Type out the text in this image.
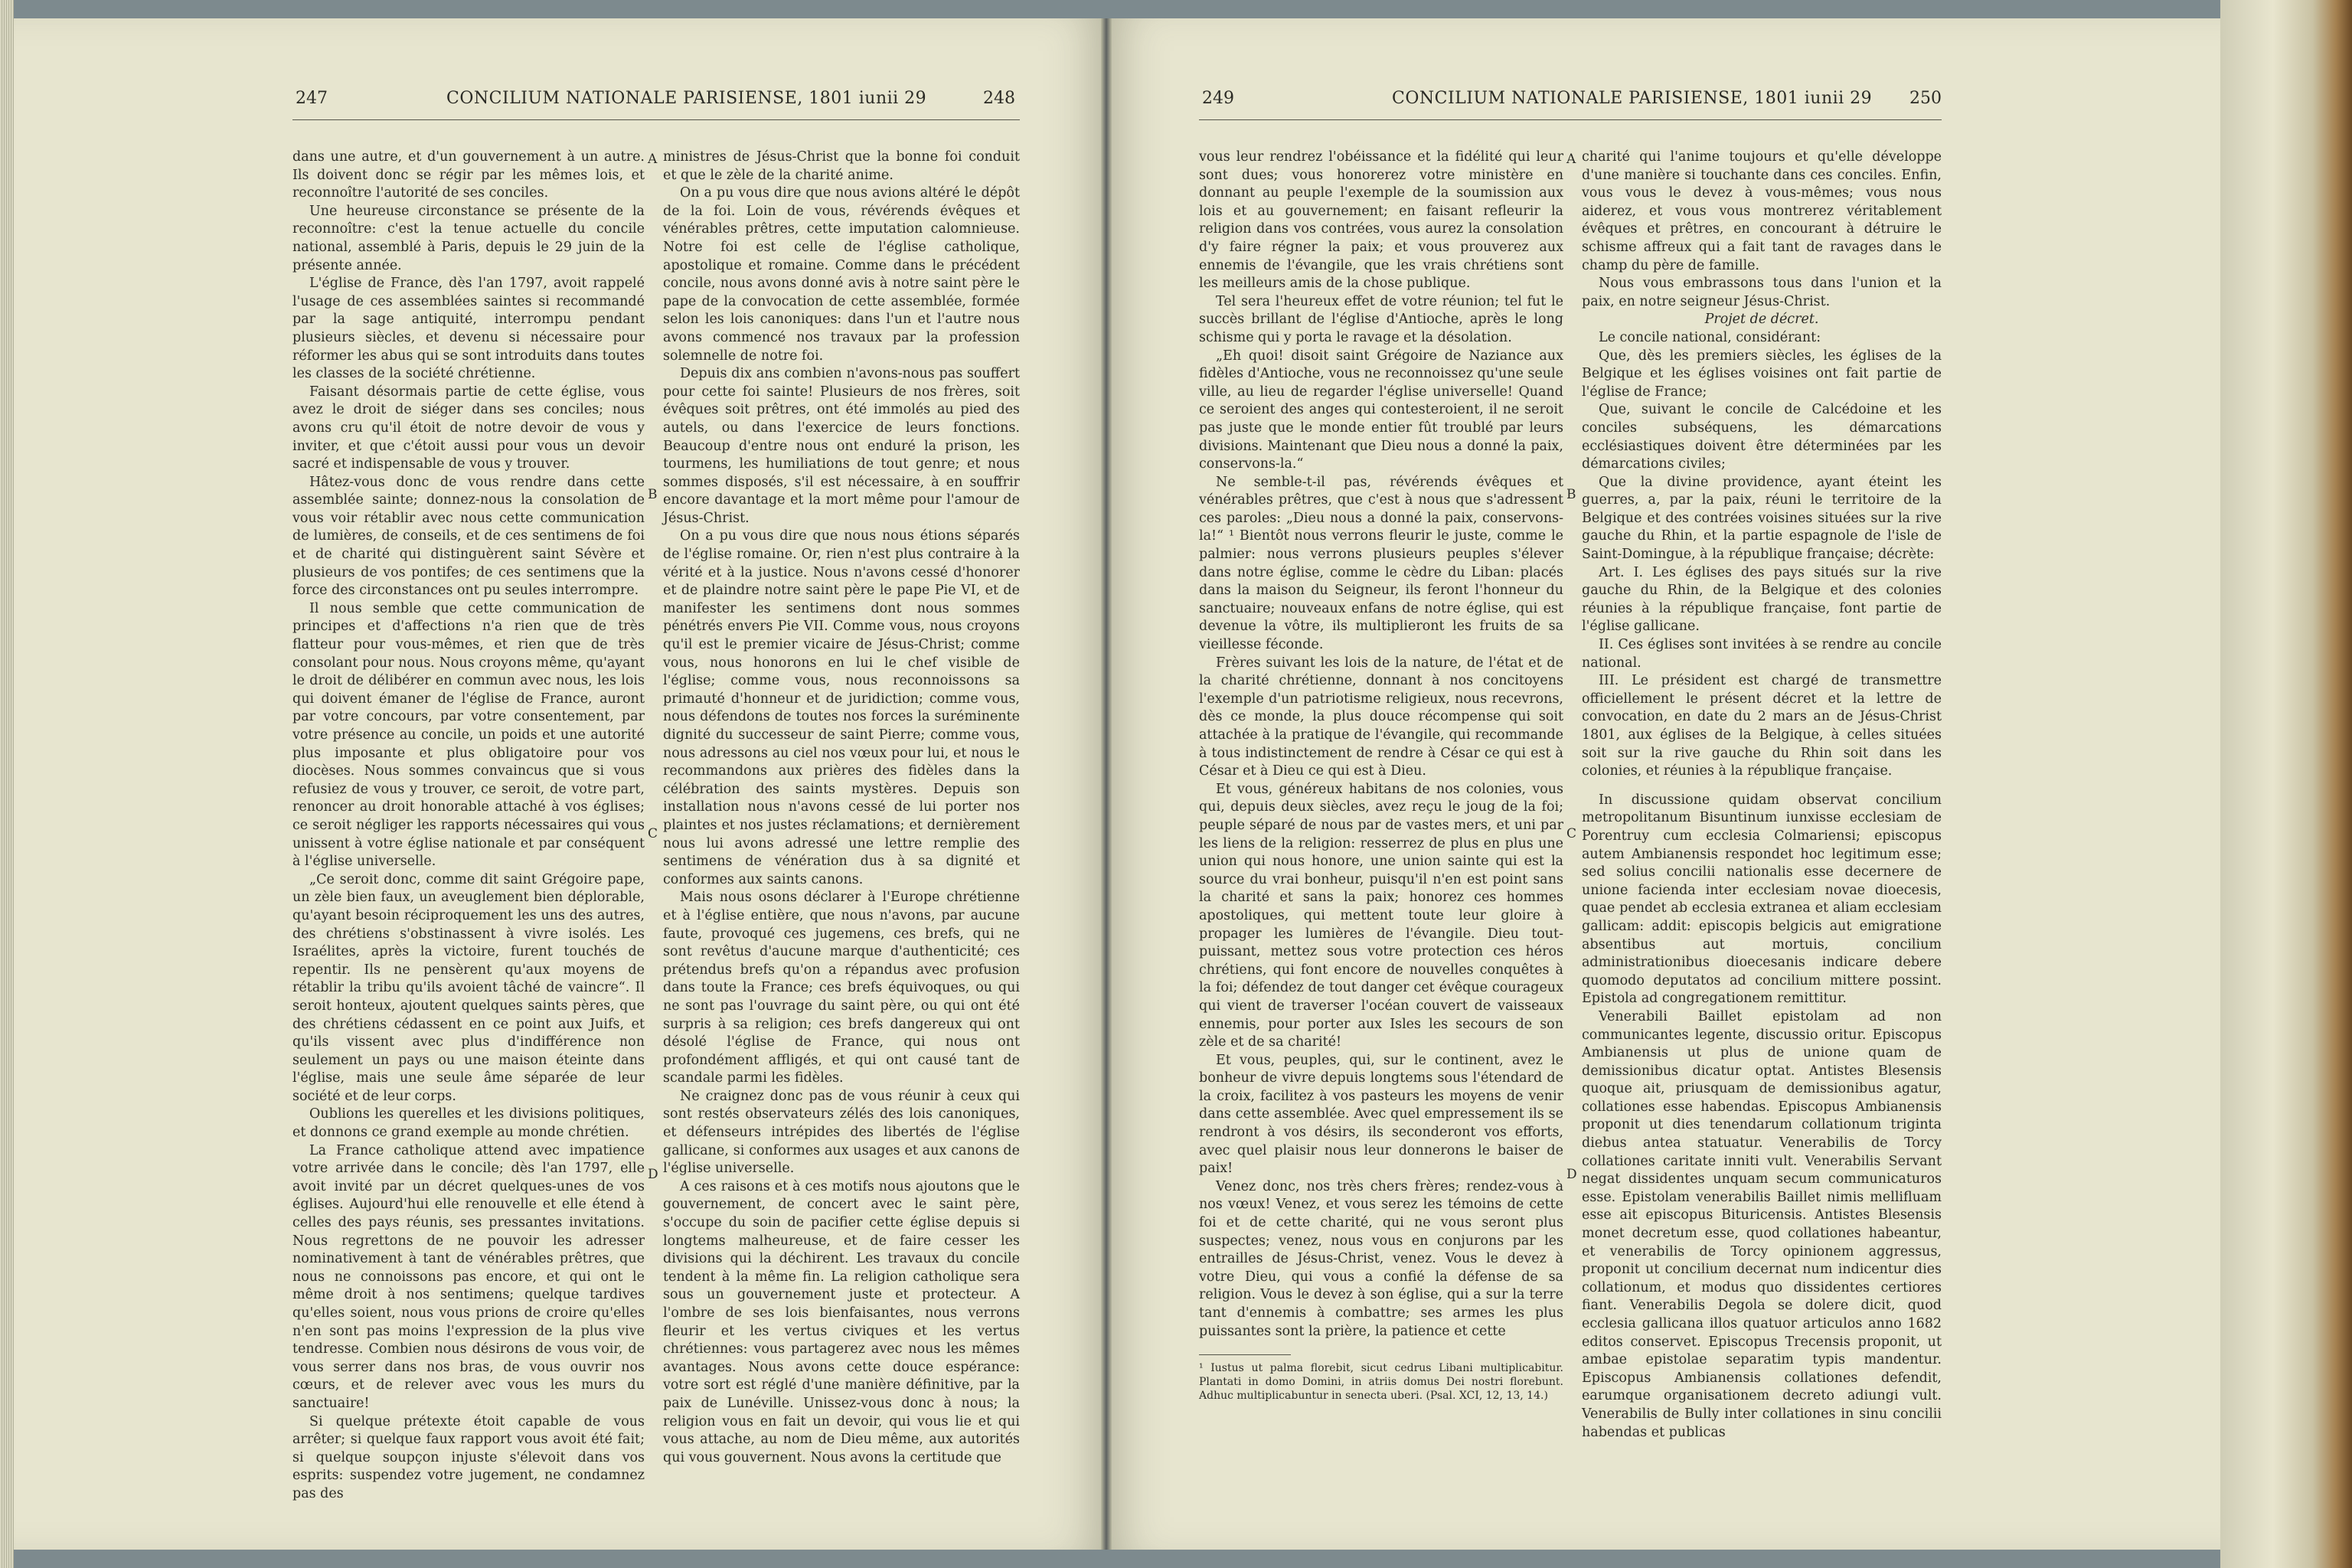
247	CONCILIUM NATIONALE PARISIENSE, 1801 iunii 29	248

dans une autre, et d'un gouvernement à un autre. Ils doivent donc se régir par les mêmes lois, et reconnoître l'autorité de ses conciles.

Une heureuse circonstance se présente de la reconnoître: c'est la tenue actuelle du concile national, assemblé à Paris, depuis le 29 juin de la présente année.

L'église de France, dès l'an 1797, avoit rappelé l'usage de ces assemblées saintes si recommandé par la sage antiquité, interrompu pendant plusieurs siècles, et devenu si nécessaire pour réformer les abus qui se sont introduits dans toutes les classes de la société chrétienne.

Faisant désormais partie de cette église, vous avez le droit de siéger dans ses conciles; nous avons cru qu'il étoit de notre devoir de vous y inviter, et que c'étoit aussi pour vous un devoir sacré et indispensable de vous y trouver.

Hâtez-vous donc de vous rendre dans cette assemblée sainte; donnez-nous la consolation de vous voir rétablir avec nous cette communication de lumières, de conseils, et de ces sentimens de foi et de charité qui distinguèrent saint Sévère et plusieurs de vos pontifes; de ces sentimens que la force des circonstances ont pu seules interrompre.

Il nous semble que cette communication de principes et d'affections n'a rien que de très flatteur pour vous-mêmes, et rien que de très consolant pour nous. Nous croyons même, qu'ayant le droit de délibérer en commun avec nous, les lois qui doivent émaner de l'église de France, auront par votre concours, par votre consentement, par votre présence au concile, un poids et une autorité plus imposante et plus obligatoire pour vos diocèses. Nous sommes convaincus que si vous refusiez de vous y trouver, ce seroit, de votre part, renoncer au droit honorable attaché à vos églises; ce seroit négliger les rapports nécessaires qui vous unissent à votre église nationale et par conséquent à l'église universelle.

„Ce seroit donc, comme dit saint Grégoire pape, un zèle bien faux, un aveuglement bien déplorable, qu'ayant besoin réciproquement les uns des autres, des chrétiens s'obstinassent à vivre isolés. Les Israélites, après la victoire, furent touchés de repentir. Ils ne pensèrent qu'aux moyens de rétablir la tribu qu'ils avoient tâché de vaincre“. Il seroit honteux, ajoutent quelques saints pères, que des chrétiens cédassent en ce point aux Juifs, et qu'ils vissent avec plus d'indifférence non seulement un pays ou une maison éteinte dans l'église, mais une seule âme séparée de leur société et de leur corps.

Oublions les querelles et les divisions politiques, et donnons ce grand exemple au monde chrétien.

La France catholique attend avec impatience votre arrivée dans le concile; dès l'an 1797, elle avoit invité par un décret quelques-unes de vos églises. Aujourd'hui elle renouvelle et elle étend à celles des pays réunis, ses pressantes invitations. Nous regrettons de ne pouvoir les adresser nominativement à tant de vénérables prêtres, que nous ne connoissons pas encore, et qui ont le même droit à nos sentimens; quelque tardives qu'elles soient, nous vous prions de croire qu'elles n'en sont pas moins l'expression de la plus vive tendresse. Combien nous désirons de vous voir, de vous serrer dans nos bras, de vous ouvrir nos cœurs, et de relever avec vous les murs du sanctuaire!

Si quelque prétexte étoit capable de vous arrêter; si quelque faux rapport vous avoit été fait; si quelque soupçon injuste s'élevoit dans vos esprits: suspendez votre jugement, ne condamnez pas des

A
B
C
D

ministres de Jésus-Christ que la bonne foi conduit et que le zèle de la charité anime.

On a pu vous dire que nous avions altéré le dépôt de la foi. Loin de vous, révérends évêques et vénérables prêtres, cette imputation calomnieuse. Notre foi est celle de l'église catholique, apostolique et romaine. Comme dans le précédent concile, nous avons donné avis à notre saint père le pape de la convocation de cette assemblée, formée selon les lois canoniques: dans l'un et l'autre nous avons commencé nos travaux par la profession solemnelle de notre foi.

Depuis dix ans combien n'avons-nous pas souffert pour cette foi sainte! Plusieurs de nos frères, soit évêques soit prêtres, ont été immolés au pied des autels, ou dans l'exercice de leurs fonctions. Beaucoup d'entre nous ont enduré la prison, les tourmens, les humiliations de tout genre; et nous sommes disposés, s'il est nécessaire, à en souffrir encore davantage et la mort même pour l'amour de Jésus-Christ.

On a pu vous dire que nous nous étions séparés de l'église romaine. Or, rien n'est plus contraire à la vérité et à la justice. Nous n'avons cessé d'honorer et de plaindre notre saint père le pape Pie VI, et de manifester les sentimens dont nous sommes pénétrés envers Pie VII. Comme vous, nous croyons qu'il est le premier vicaire de Jésus-Christ; comme vous, nous honorons en lui le chef visible de l'église; comme vous, nous reconnoissons sa primauté d'honneur et de juridiction; comme vous, nous défendons de toutes nos forces la suréminente dignité du successeur de saint Pierre; comme vous, nous adressons au ciel nos vœux pour lui, et nous le recommandons aux prières des fidèles dans la célébration des saints mystères. Depuis son installation nous n'avons cessé de lui porter nos plaintes et nos justes réclamations; et dernièrement nous lui avons adressé une lettre remplie des sentimens de vénération dus à sa dignité et conformes aux saints canons.

Mais nous osons déclarer à l'Europe chrétienne et à l'église entière, que nous n'avons, par aucune faute, provoqué ces jugemens, ces brefs, qui ne sont revêtus d'aucune marque d'authenticité; ces prétendus brefs qu'on a répandus avec profusion dans toute la France; ces brefs équivoques, ou qui ne sont pas l'ouvrage du saint père, ou qui ont été surpris à sa religion; ces brefs dangereux qui ont désolé l'église de France, qui nous ont profondément affligés, et qui ont causé tant de scandale parmi les fidèles.

Ne craignez donc pas de vous réunir à ceux qui sont restés observateurs zélés des lois canoniques, et défenseurs intrépides des libertés de l'église gallicane, si conformes aux usages et aux canons de l'église universelle.

A ces raisons et à ces motifs nous ajoutons que le gouvernement, de concert avec le saint père, s'occupe du soin de pacifier cette église depuis si longtems malheureuse, et de faire cesser les divisions qui la déchirent. Les travaux du concile tendent à la même fin. La religion catholique sera sous un gouvernement juste et protecteur. A l'ombre de ses lois bienfaisantes, nous verrons fleurir et les vertus civiques et les vertus chrétiennes: vous partagerez avec nous les mêmes avantages. Nous avons cette douce espérance: votre sort est réglé d'une manière définitive, par la paix de Lunéville. Unissez-vous donc à nous; la religion vous en fait un devoir, qui vous lie et qui vous attache, au nom de Dieu même, aux autorités qui vous gouvernent. Nous avons la certitude que

249	CONCILIUM NATIONALE PARISIENSE, 1801 iunii 29 250

vous leur rendrez l'obéissance et la fidélité qui leur sont dues; vous honorerez votre ministère en donnant au peuple l'exemple de la soumission aux lois et au gouvernement; en faisant refleurir la religion dans vos contrées, vous aurez la consolation d'y faire régner la paix; et vous prouverez aux ennemis de l'évangile, que les vrais chrétiens sont les meilleurs amis de la chose publique.

Tel sera l'heureux effet de votre réunion; tel fut le succès brillant de l'église d'Antioche, après le long schisme qui y porta le ravage et la désolation.

„Eh quoi! disoit saint Grégoire de Naziance aux fidèles d'Antioche, vous ne reconnoissez qu'une seule ville, au lieu de regarder l'église universelle! Quand ce seroient des anges qui contesteroient, il ne seroit pas juste que le monde entier fût troublé par leurs divisions. Maintenant que Dieu nous a donné la paix, conservons-la.“

Ne semble-t-il pas, révérends évêques et vénérables prêtres, que c'est à nous que s'adressent ces paroles: „Dieu nous a donné la paix, conservons-la!“ ¹ Bientôt nous verrons fleurir le juste, comme le palmier: nous verrons plusieurs peuples s'élever dans notre église, comme le cèdre du Liban: placés dans la maison du Seigneur, ils feront l'honneur du sanctuaire; nouveaux enfans de notre église, qui est devenue la vôtre, ils multiplieront les fruits de sa vieillesse féconde.

Frères suivant les lois de la nature, de l'état et de la charité chrétienne, donnant à nos concitoyens l'exemple d'un patriotisme religieux, nous recevrons, dès ce monde, la plus douce récompense qui soit attachée à la pratique de l'évangile, qui recommande à tous indistinctement de rendre à César ce qui est à César et à Dieu ce qui est à Dieu.

Et vous, généreux habitans de nos colonies, vous qui, depuis deux siècles, avez reçu le joug de la foi; peuple séparé de nous par de vastes mers, et uni par les liens de la religion: resserrez de plus en plus une union qui nous honore, une union sainte qui est la source du vrai bonheur, puisqu'il n'en est point sans la charité et sans la paix; honorez ces hommes apostoliques, qui mettent toute leur gloire à propager les lumières de l'évangile. Dieu tout-puissant, mettez sous votre protection ces héros chrétiens, qui font encore de nouvelles conquêtes à la foi; défendez de tout danger cet évêque courageux qui vient de traverser l'océan couvert de vaisseaux ennemis, pour porter aux Isles les secours de son zèle et de sa charité!

Et vous, peuples, qui, sur le continent, avez le bonheur de vivre depuis longtems sous l'étendard de la croix, facilitez à vos pasteurs les moyens de venir dans cette assemblée. Avec quel empressement ils se rendront à vos désirs, ils seconderont vos efforts, avec quel plaisir nous leur donnerons le baiser de paix!

Venez donc, nos très chers frères; rendez-vous à nos vœux! Venez, et vous serez les témoins de cette foi et de cette charité, qui ne vous seront plus suspectes; venez, nous vous en conjurons par les entrailles de Jésus-Christ, venez. Vous le devez à votre Dieu, qui vous a confié la défense de sa religion. Vous le devez à son église, qui a sur la terre tant d'ennemis à combattre; ses armes les plus puissantes sont la prière, la patience et cette

¹ Iustus ut palma florebit, sicut cedrus Libani multiplicabitur. Plantati in domo Domini, in atriis domus Dei nostri florebunt. Adhuc multiplicabuntur in senecta uberi. (Psal. XCI, 12, 13, 14.)

A
B
C
D

charité qui l'anime toujours et qu'elle développe d'une manière si touchante dans ces conciles. Enfin, vous vous le devez à vous-mêmes; vous nous aiderez, et vous vous montrerez véritablement évêques et prêtres, en concourant à détruire le schisme affreux qui a fait tant de ravages dans le champ du père de famille.

Nous vous embrassons tous dans l'union et la paix, en notre seigneur Jésus-Christ.

Projet de décret.

Le concile national, considérant:

Que, dès les premiers siècles, les églises de la Belgique et les églises voisines ont fait partie de l'église de France;

Que, suivant le concile de Calcédoine et les conciles subséquens, les démarcations ecclésiastiques doivent être déterminées par les démarcations civiles;

Que la divine providence, ayant éteint les guerres, a, par la paix, réuni le territoire de la Belgique et des contrées voisines situées sur la rive gauche du Rhin, et la partie espagnole de l'isle de Saint-Domingue, à la république française; décrète:

Art. I. Les églises des pays situés sur la rive gauche du Rhin, de la Belgique et des colonies réunies à la république française, font partie de l'église gallicane.

II. Ces églises sont invitées à se rendre au concile national.

III. Le président est chargé de transmettre officiellement le présent décret et la lettre de convocation, en date du 2 mars an de Jésus-Christ 1801, aux églises de la Belgique, à celles situées soit sur la rive gauche du Rhin soit dans les colonies, et réunies à la république française.

In discussione quidam observat concilium metropolitanum Bisuntinum iunxisse ecclesiam de Porentruy cum ecclesia Colmariensi; episcopus autem Ambianensis respondet hoc legitimum esse; sed solius concilii nationalis esse decernere de unione facienda inter ecclesiam novae dioecesis, quae pendet ab ecclesia extranea et aliam ecclesiam gallicam: addit: episcopis belgicis aut emigratione absentibus aut mortuis, concilium administrationibus dioecesanis indicare debere quomodo deputatos ad concilium mittere possint. Epistola ad congregationem remittitur.

Venerabili Baillet epistolam ad non communicantes legente, discussio oritur. Episcopus Ambianensis ut plus de unione quam de demissionibus dicatur optat. Antistes Blesensis quoque ait, priusquam de demissionibus agatur, collationes esse habendas. Episcopus Ambianensis proponit ut dies tenendarum collationum triginta diebus antea statuatur. Venerabilis de Torcy collationes caritate inniti vult. Venerabilis Servant negat dissidentes unquam secum communicaturos esse. Epistolam venerabilis Baillet nimis mellifluam esse ait episcopus Bituricensis. Antistes Blesensis monet decretum esse, quod collationes habeantur, et venerabilis de Torcy opinionem aggressus, proponit ut concilium decernat num indicentur dies collationum, et modus quo dissidentes certiores fiant. Venerabilis Degola se dolere dicit, quod ecclesia gallicana illos quatuor articulos anno 1682 editos conservet. Episcopus Trecensis proponit, ut ambae epistolae separatim typis mandentur. Episcopus Ambianensis collationes defendit, earumque organisationem decreto adiungi vult. Venerabilis de Bully inter collationes in sinu concilii habendas et publicas
